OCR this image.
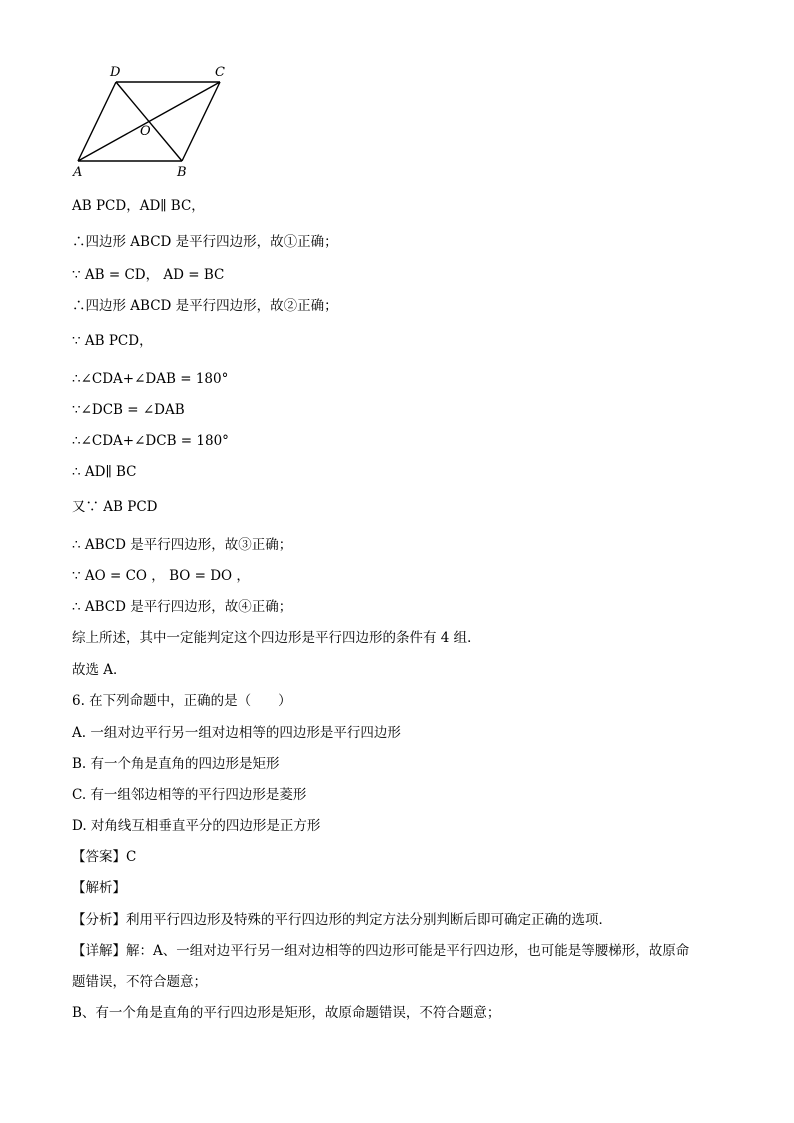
D	C
O
A	B
AB PCD，AD∥ BC，
∴四边形 ABCD 是平行四边形，故①正确；
∵ AB = CD， AD = BC
∴四边形 ABCD 是平行四边形，故②正确；
∵ AB PCD，
∴∠CDA+∠DAB = 180°
∵∠DCB = ∠DAB
∴∠CDA+∠DCB = 180°
∴ AD∥ BC
又∵ AB PCD
∴ ABCD 是平行四边形，故③正确；
∵ AO = CO ， BO = DO ，
∴ ABCD 是平行四边形，故④正确；
综上所述，其中一定能判定这个四边形是平行四边形的条件有 4 组．
故选 A．
6. 在下列命题中，正确的是（　　）
A. 一组对边平行另一组对边相等的四边形是平行四边形
B. 有一个角是直角的四边形是矩形
C. 有一组邻边相等的平行四边形是菱形
D. 对角线互相垂直平分的四边形是正方形
【答案】C
【解析】
【分析】利用平行四边形及特殊的平行四边形的判定方法分别判断后即可确定正确的选项．
【详解】解：A、一组对边平行另一组对边相等的四边形可能是平行四边形，也可能是等腰梯形，故原命
题错误，不符合题意；
B、有一个角是直角的平行四边形是矩形，故原命题错误，不符合题意；
